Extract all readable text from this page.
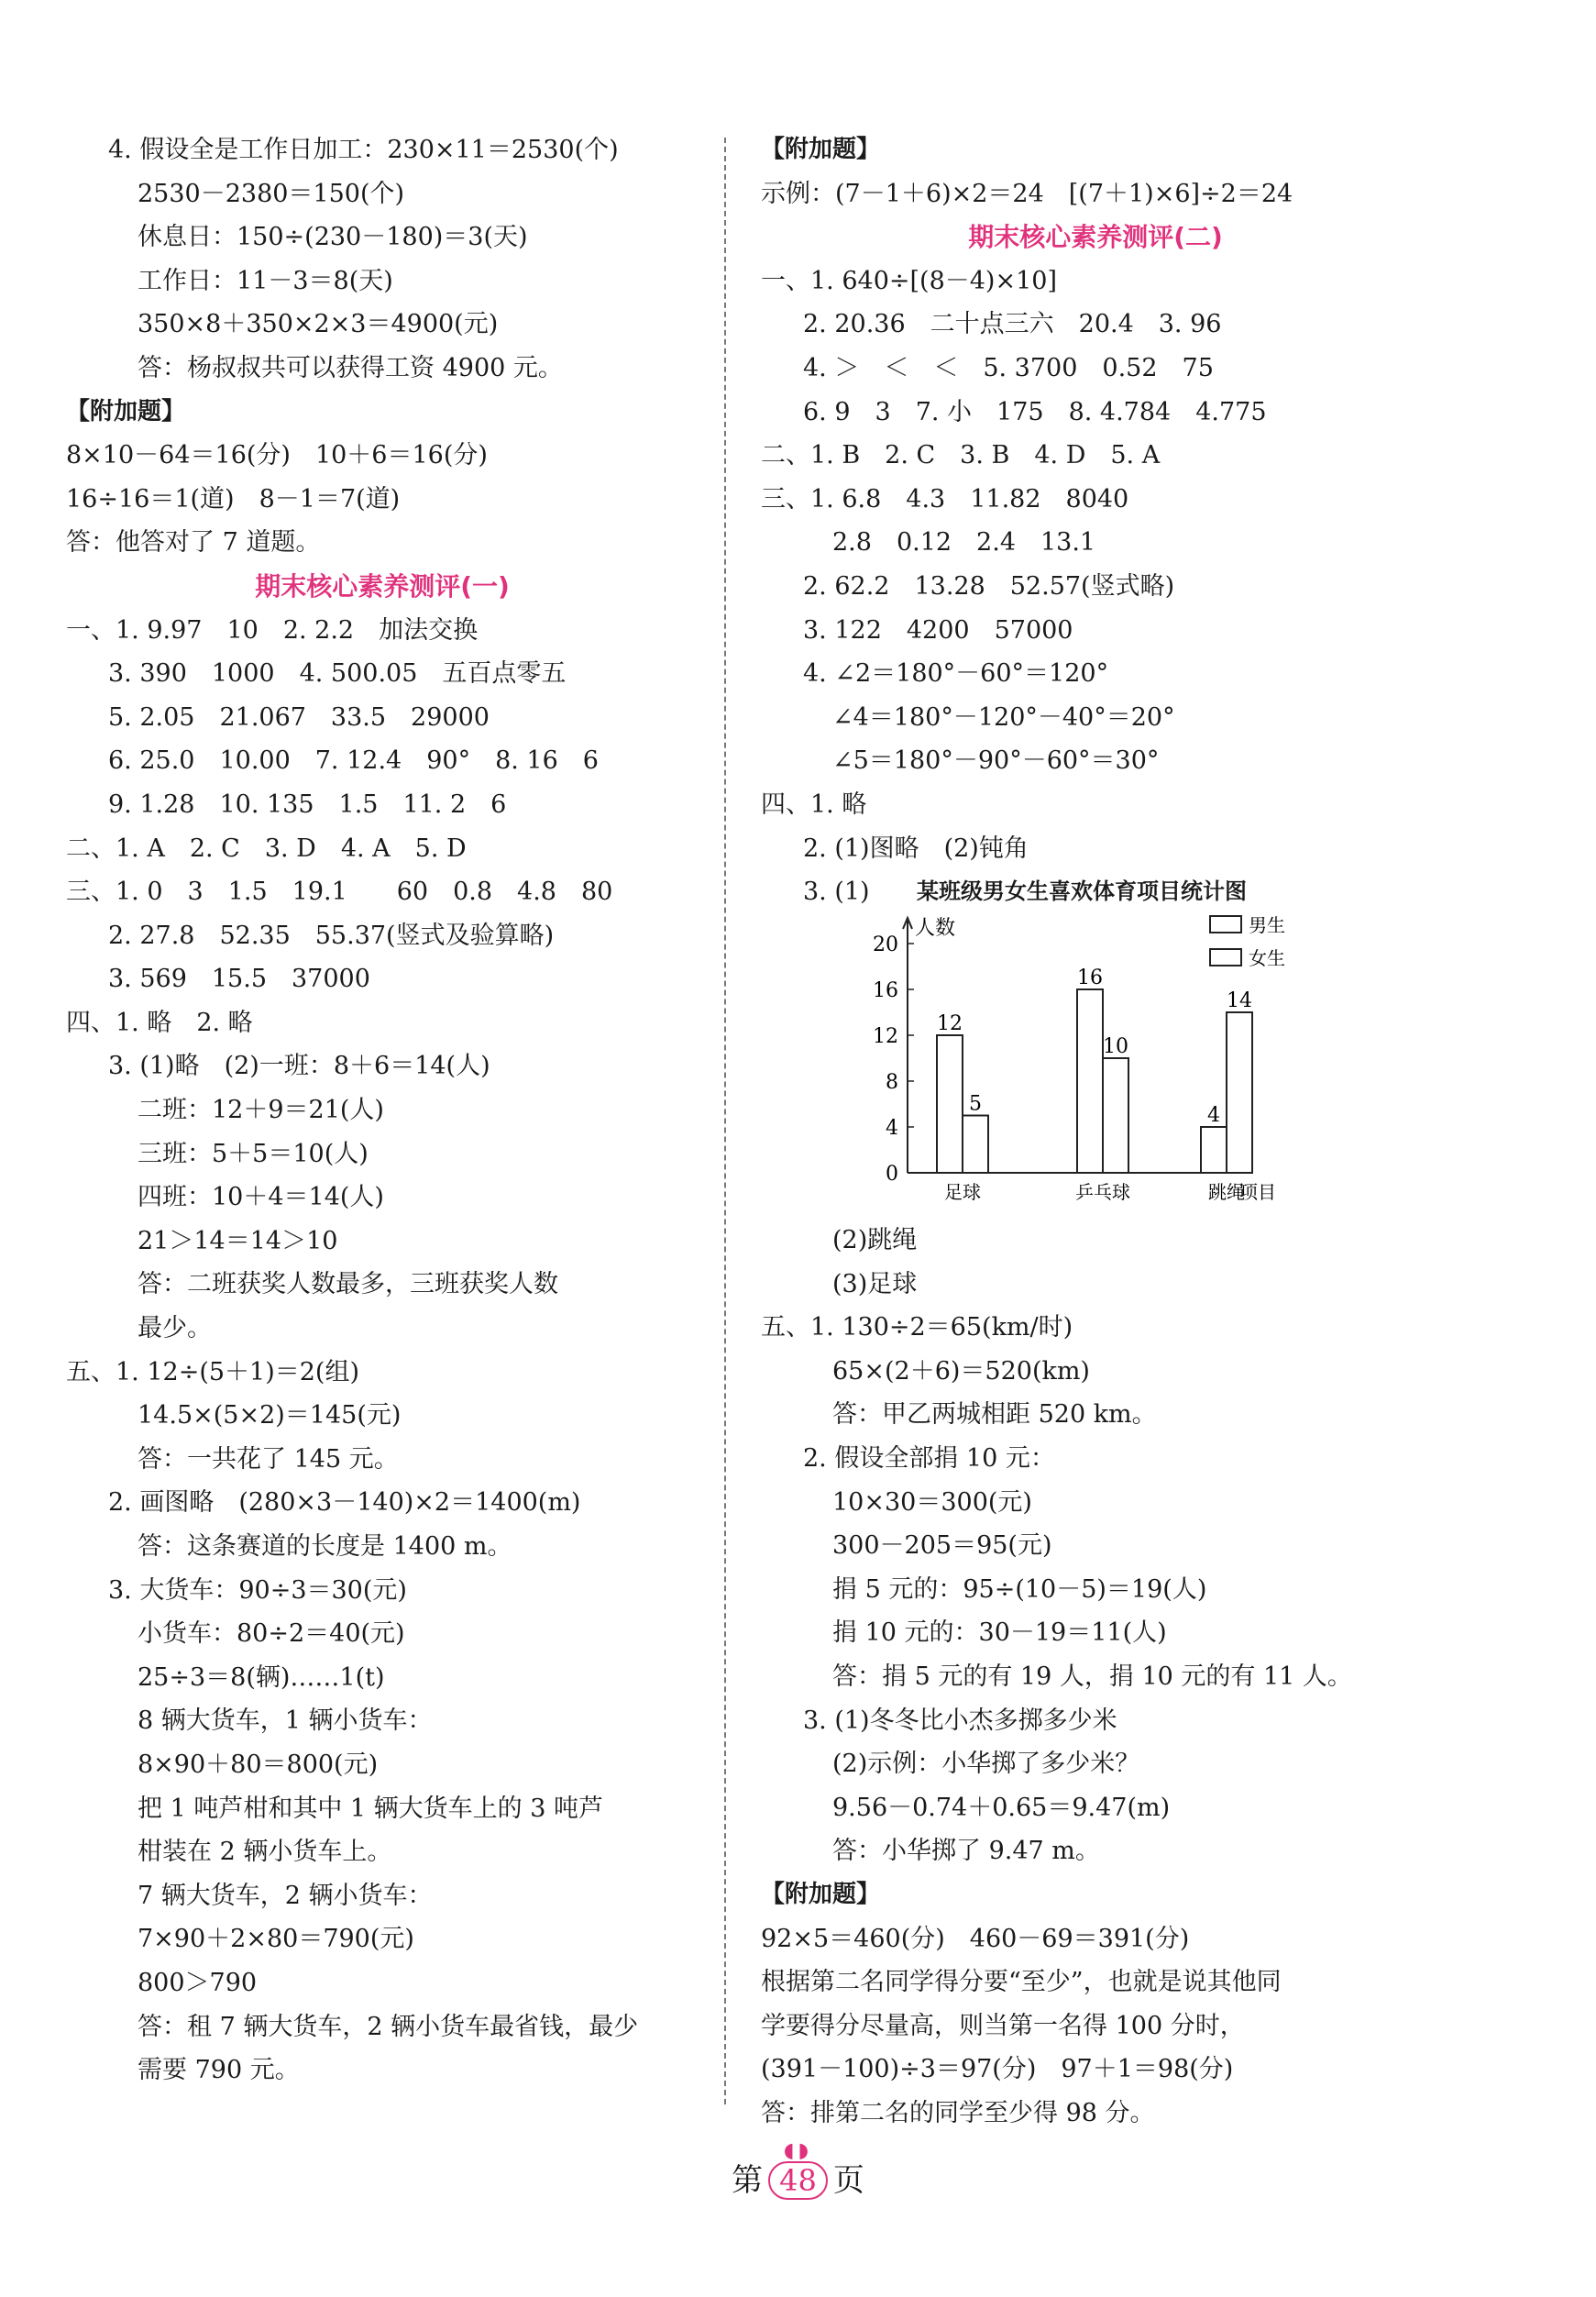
4. 假设全是工作日加工：230×11＝2530(个)
2530－2380＝150(个)
休息日：150÷(230－180)＝3(天)
工作日：11－3＝8(天)
350×8＋350×2×3＝4900(元)
答：杨叔叔共可以获得工资 4900 元。
【附加题】
8×10－64＝16(分)　10＋6＝16(分)
16÷16＝1(道)　8－1＝7(道)
答：他答对了 7 道题。
期末核心素养测评(一)
一、1. 9.97　10　2. 2.2　加法交换
3. 390　1000　4. 500.05　五百点零五
5. 2.05　21.067　33.5　29000
6. 25.0　10.00　7. 12.4　90°　8. 16　6
9. 1.28　10. 135　1.5　11. 2　6
二、1. A　2. C　3. D　4. A　5. D
三、1. 0　3　1.5　19.1　　60　0.8　4.8　80
2. 27.8　52.35　55.37(竖式及验算略)
3. 569　15.5　37000
四、1. 略　2. 略
3. (1)略　(2)一班：8＋6＝14(人)
二班：12＋9＝21(人)
三班：5＋5＝10(人)
四班：10＋4＝14(人)
21＞14＝14＞10
答：二班获奖人数最多，三班获奖人数
最少。
五、1. 12÷(5＋1)＝2(组)
14.5×(5×2)＝145(元)
答：一共花了 145 元。
2. 画图略　(280×3－140)×2＝1400(m)
答：这条赛道的长度是 1400 m。
3. 大货车：90÷3＝30(元)
小货车：80÷2＝40(元)
25÷3＝8(辆)……1(t)
8 辆大货车，1 辆小货车：
8×90＋80＝800(元)
把 1 吨芦柑和其中 1 辆大货车上的 3 吨芦
柑装在 2 辆小货车上。
7 辆大货车，2 辆小货车：
7×90＋2×80＝790(元)
800＞790
答：租 7 辆大货车，2 辆小货车最省钱，最少
需要 790 元。
【附加题】
示例：(7－1＋6)×2＝24　[(7＋1)×6]÷2＝24
期末核心素养测评(二)
一、1. 640÷[(8－4)×10]
2. 20.36　二十点三六　20.4　3. 96
4. ＞　＜　＜　5. 3700　0.52　75
6. 9　3　7. 小　175　8. 4.784　4.775
二、1. B　2. C　3. B　4. D　5. A
三、1. 6.8　4.3　11.82　8040
2.8　0.12　2.4　13.1
2. 62.2　13.28　52.57(竖式略)
3. 122　4200　57000
4. ∠2＝180°－60°＝120°
∠4＝180°－120°－40°＝20°
∠5＝180°－90°－60°＝30°
四、1. 略
2. (1)图略　(2)钝角
3. (1) 某班级男女生喜欢体育项目统计图
0
4
8
12
16
20
人数
12
5
足球
16
10
乒乓球
4
14
跳绳
项目
男生
女生
(2)跳绳
(3)足球
五、1. 130÷2＝65(km/时)
65×(2＋6)＝520(km)
答：甲乙两城相距 520 km。
2. 假设全部捐 10 元：
10×30＝300(元)
300－205＝95(元)
捐 5 元的：95÷(10－5)＝19(人)
捐 10 元的：30－19＝11(人)
答：捐 5 元的有 19 人，捐 10 元的有 11 人。
3. (1)冬冬比小杰多掷多少米
(2)示例：小华掷了多少米？
9.56－0.74＋0.65＝9.47(m)
答：小华掷了 9.47 m。
【附加题】
92×5＝460(分)　460－69＝391(分)
根据第二名同学得分要“至少”，也就是说其他同
学要得分尽量高，则当第一名得 100 分时，
(391－100)÷3＝97(分)　97＋1＝98(分)
答：排第二名的同学至少得 98 分。
第
◖◗
48 页
